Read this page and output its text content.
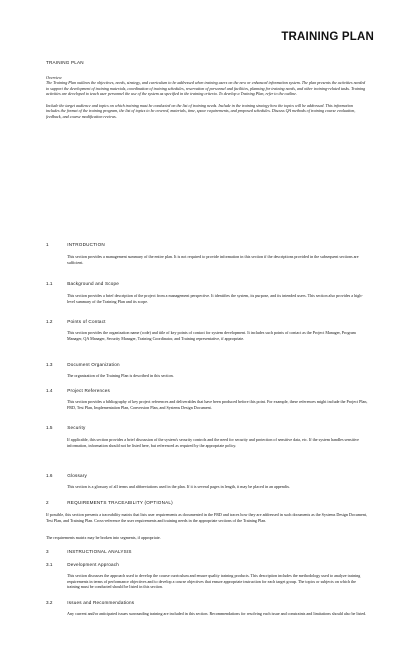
TRAINING PLAN
TRAINING PLAN
Overview

The Training Plan outlines the objectives, needs, strategy, and curriculum to be addressed when training users on the new or enhanced information system. The plan presents the activities needed to support the development of training materials, coordination of training schedules, reservation of personnel and facilities, planning for training needs, and other training-related tasks. Training activities are developed to teach user personnel the use of the system as specified in the training criteria. To develop a Training Plan, refer to the outline.

Include the target audience and topics on which training must be conducted on the list of training needs. Include in the training strategy how the topics will be addressed. This information includes the format of the training program, the list of topics to be covered, materials, time, space requirements, and proposed schedules. Discuss QA methods of training course evaluation, feedback, and course modification reviews.

1	INTRODUCTION
This section provides a management summary of the entire plan. It is not required to provide information in this section if the descriptions provided in the subsequent sections are sufficient.
1.1	Background and Scope
This section provides a brief description of the project from a management perspective. It identifies the system, its purpose, and its intended users. This section also provides a high-level summary of the Training Plan and its scope.
1.2	Points of Contact
This section provides the organization name (code) and title of key points of contact for system development. It includes such points of contact as the Project Manager, Program Manager, QA Manager, Security Manager, Training Coordinator, and Training representative, if appropriate.
1.3	Document Organization
The organization of the Training Plan is described in this section.
1.4	Project References
This section provides a bibliography of key project references and deliverables that have been produced before this point. For example, these references might include the Project Plan, FRD, Test Plan, Implementation Plan, Conversion Plan, and Systems Design Document.
1.5	Security
If applicable, this section provides a brief discussion of the system's security controls and the need for security and protection of sensitive data, etc. If the system handles sensitive information, information should not be listed here, but referenced as required by the appropriate policy.
1.6	Glossary
This section is a glossary of all terms and abbreviations used in the plan. If it is several pages in length, it may be placed in an appendix.
2	REQUIREMENTS TRACEABILITY (OPTIONAL)
If possible, this section presents a traceability matrix that lists user requirements as documented in the FRD and traces how they are addressed in such documents as the Systems Design Document, Test Plan, and Training Plan. Cross-reference the user requirements and training needs in the appropriate sections of the Training Plan.
The requirements matrix may be broken into segments, if appropriate.
3	INSTRUCTIONAL ANALYSIS
3.1	Development Approach
This section discusses the approach used to develop the course curriculum and ensure quality training products. This description includes the methodology used to analyze training requirements in terms of performance objectives and to develop a course objectives that ensure appropriate instruction for each target group. The topics or subjects on which the training must be conducted should be listed in this section.
3.2	Issues and Recommendations
Any current and/or anticipated issues surrounding training are included in this section. Recommendations for resolving each issue and constraints and limitations should also be listed.
